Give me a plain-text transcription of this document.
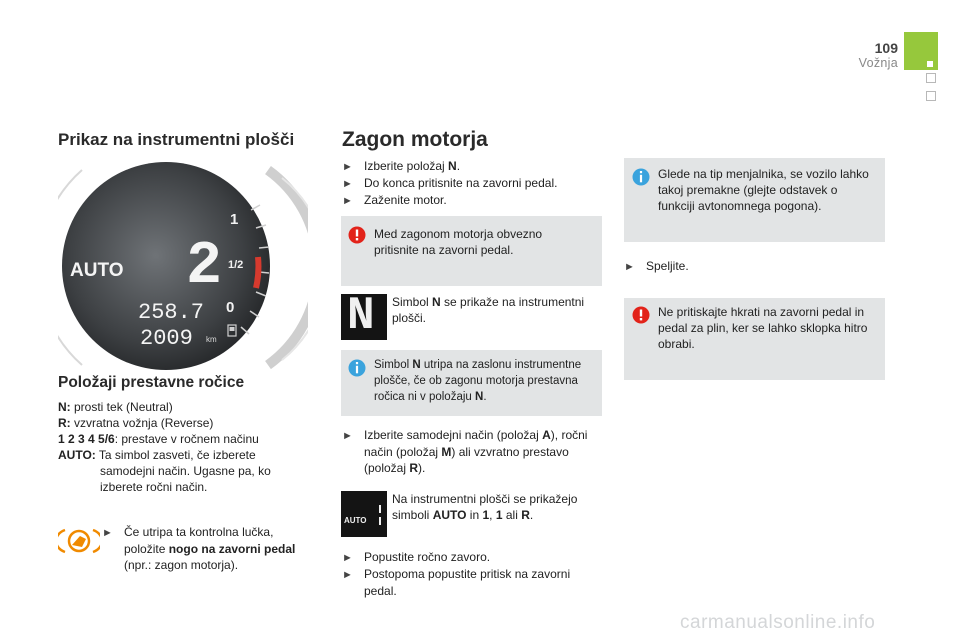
109
Vožnja
Prikaz na instrumentni plošči
1
1/2
0
AUTO 2
258.7
2009 km
Položaji prestavne ročice
N: prosti tek (Neutral)
R: vzvratna vožnja (Reverse)
1 2 3 4 5/6: prestave v ročnem načinu
AUTO: Ta simbol zasveti, če izberete
samodejni način. Ugasne pa, ko
izberete ročni način.
► Če utripa ta kontrolna lučka,
položite nogo na zavorni pedal
(npr.: zagon motorja).
Zagon motorja
► Izberite položaj N.
► Do konca pritisnite na zavorni pedal.
► Zaženite motor.
Med zagonom motorja obvezno
pritisnite na zavorni pedal.
N Simbol N se prikaže na instrumentni
plošči.
Simbol N utripa na zaslonu instrumentne
plošče, če ob zagonu motorja prestavna
ročica ni v položaju N.
► Izberite samodejni način (položaj A), ročni
način (položaj M) ali vzvratno prestavo
(položaj R).
AUTO
Na instrumentni plošči se prikažejo
simboli AUTO in 1, 1 ali R.
► Popustite ročno zavoro.
► Postopoma popustite pritisk na zavorni
pedal.
Glede na tip menjalnika, se vozilo lahko
takoj premakne (glejte odstavek o
funkciji avtonomnega pogona).
► Speljite.
Ne pritiskajte hkrati na zavorni pedal in
pedal za plin, ker se lahko sklopka hitro
obrabi.
carmanualsonline.info
